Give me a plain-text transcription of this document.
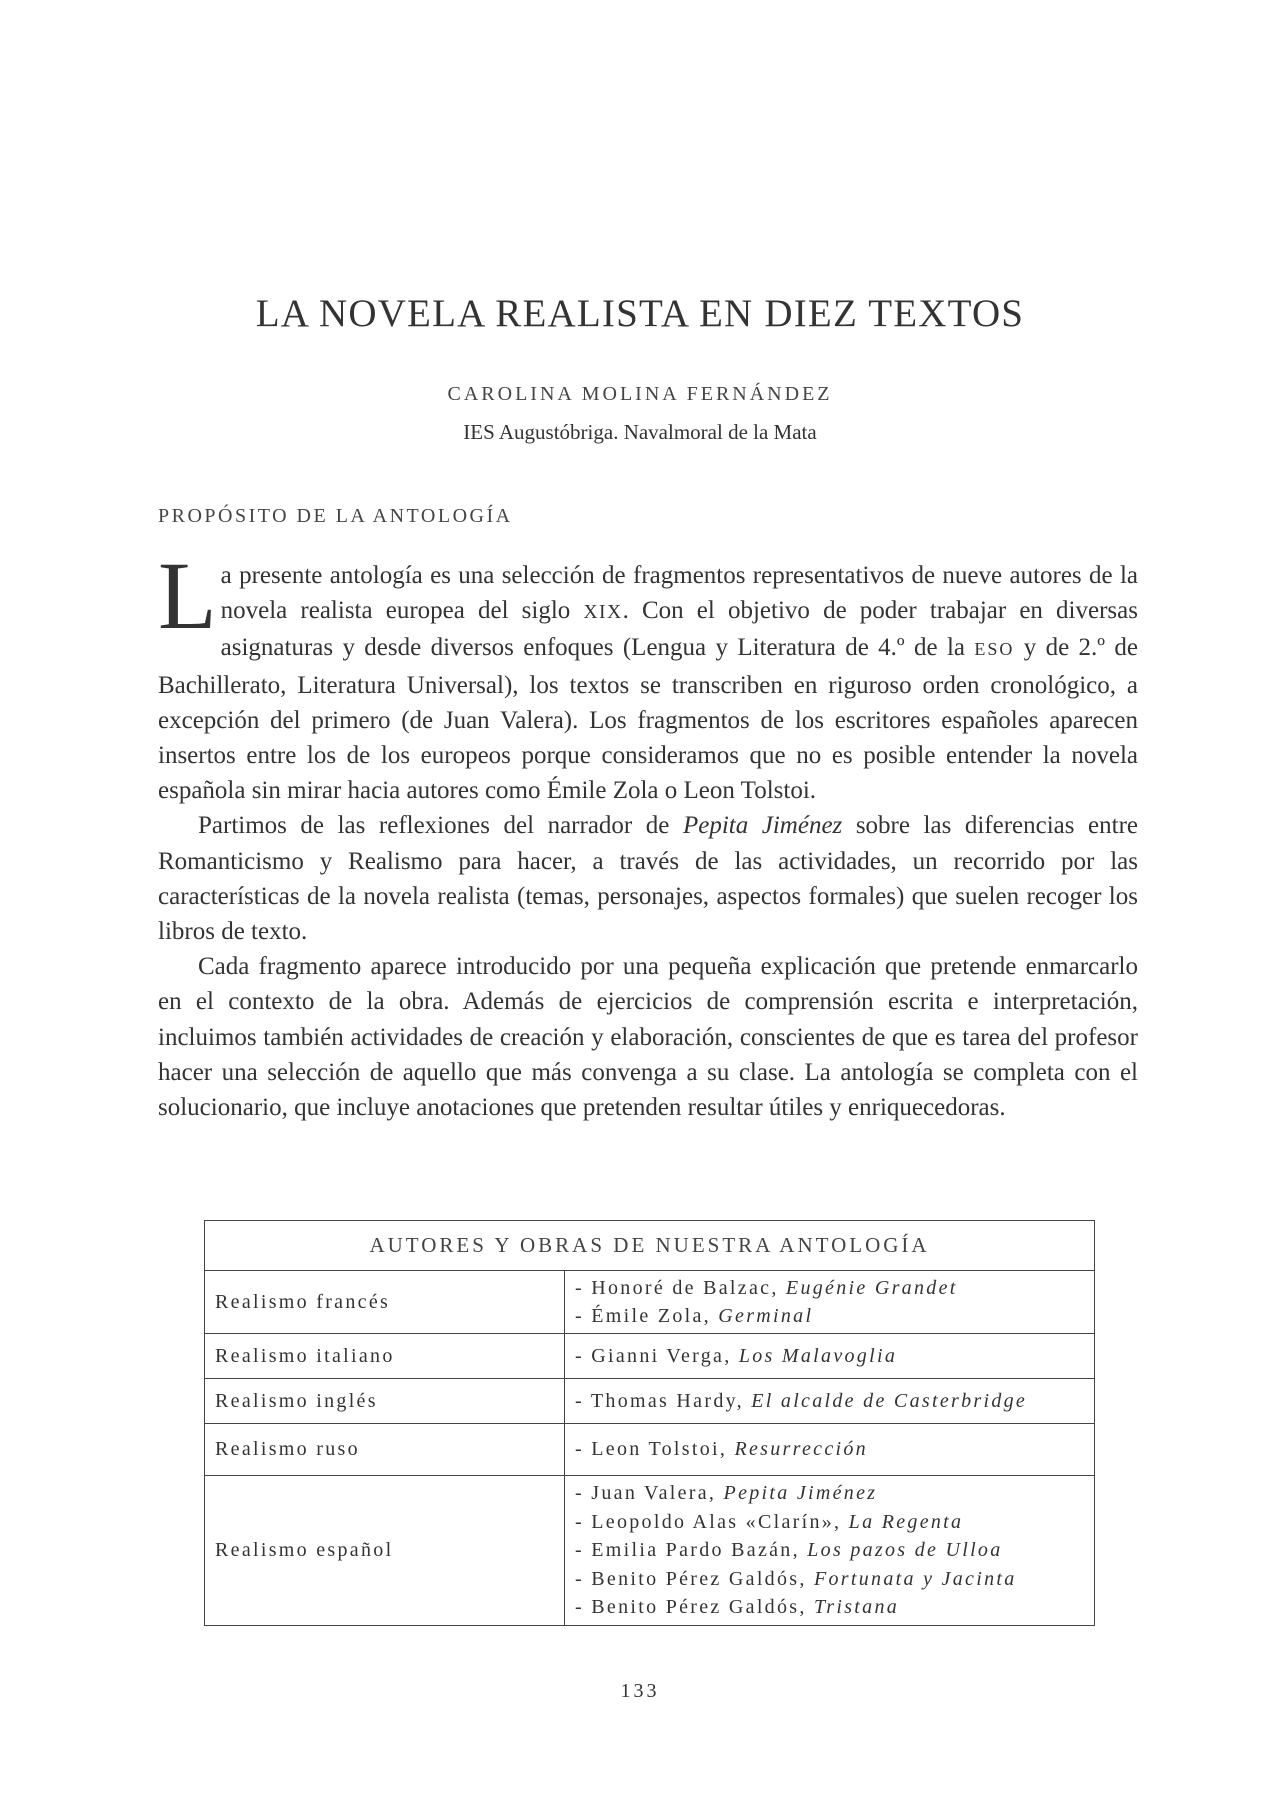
LA NOVELA REALISTA EN DIEZ TEXTOS
CAROLINA MOLINA FERNÁNDEZ
IES Augustóbriga. Navalmoral de la Mata
PROPÓSITO DE LA ANTOLOGÍA

La presente antología es una selección de fragmentos representativos de nueve autores de la novela realista europea del siglo XIX. Con el objetivo de poder trabajar en diversas asignaturas y desde diversos enfoques (Lengua y Literatura de 4.º de la ESO y de 2.º de Bachillerato, Literatura Universal), los textos se transcriben en riguroso orden cronológico, a excepción del primero (de Juan Valera). Los fragmentos de los escritores españoles aparecen insertos entre los de los europeos porque consideramos que no es posible entender la novela española sin mirar hacia autores como Émile Zola o Leon Tolstoi.

Partimos de las reflexiones del narrador de Pepita Jiménez sobre las diferencias entre Romanticismo y Realismo para hacer, a través de las actividades, un recorrido por las características de la novela realista (temas, personajes, aspectos formales) que suelen recoger los libros de texto.

Cada fragmento aparece introducido por una pequeña explicación que pretende enmarcarlo en el contexto de la obra. Además de ejercicios de comprensión escrita e interpretación, incluimos también actividades de creación y elaboración, conscientes de que es tarea del profesor hacer una selección de aquello que más convenga a su clase. La antología se completa con el solucionario, que incluye anotaciones que pretenden resultar útiles y enriquecedoras.

AUTORES Y OBRAS DE NUESTRA ANTOLOGÍA	
Realismo francés	- Honoré de Balzac, Eugénie Grandet
- Émile Zola, Germinal

Realismo italiano	- Gianni Verga, Los Malavoglia

Realismo inglés	- Thomas Hardy, El alcalde de Casterbridge

Realismo ruso	- Leon Tolstoi, Resurrección

Realismo español	- Juan Valera, Pepita Jiménez
- Leopoldo Alas «Clarín», La Regenta
- Emilia Pardo Bazán, Los pazos de Ulloa
- Benito Pérez Galdós, Fortunata y Jacinta
- Benito Pérez Galdós, Tristana
133
